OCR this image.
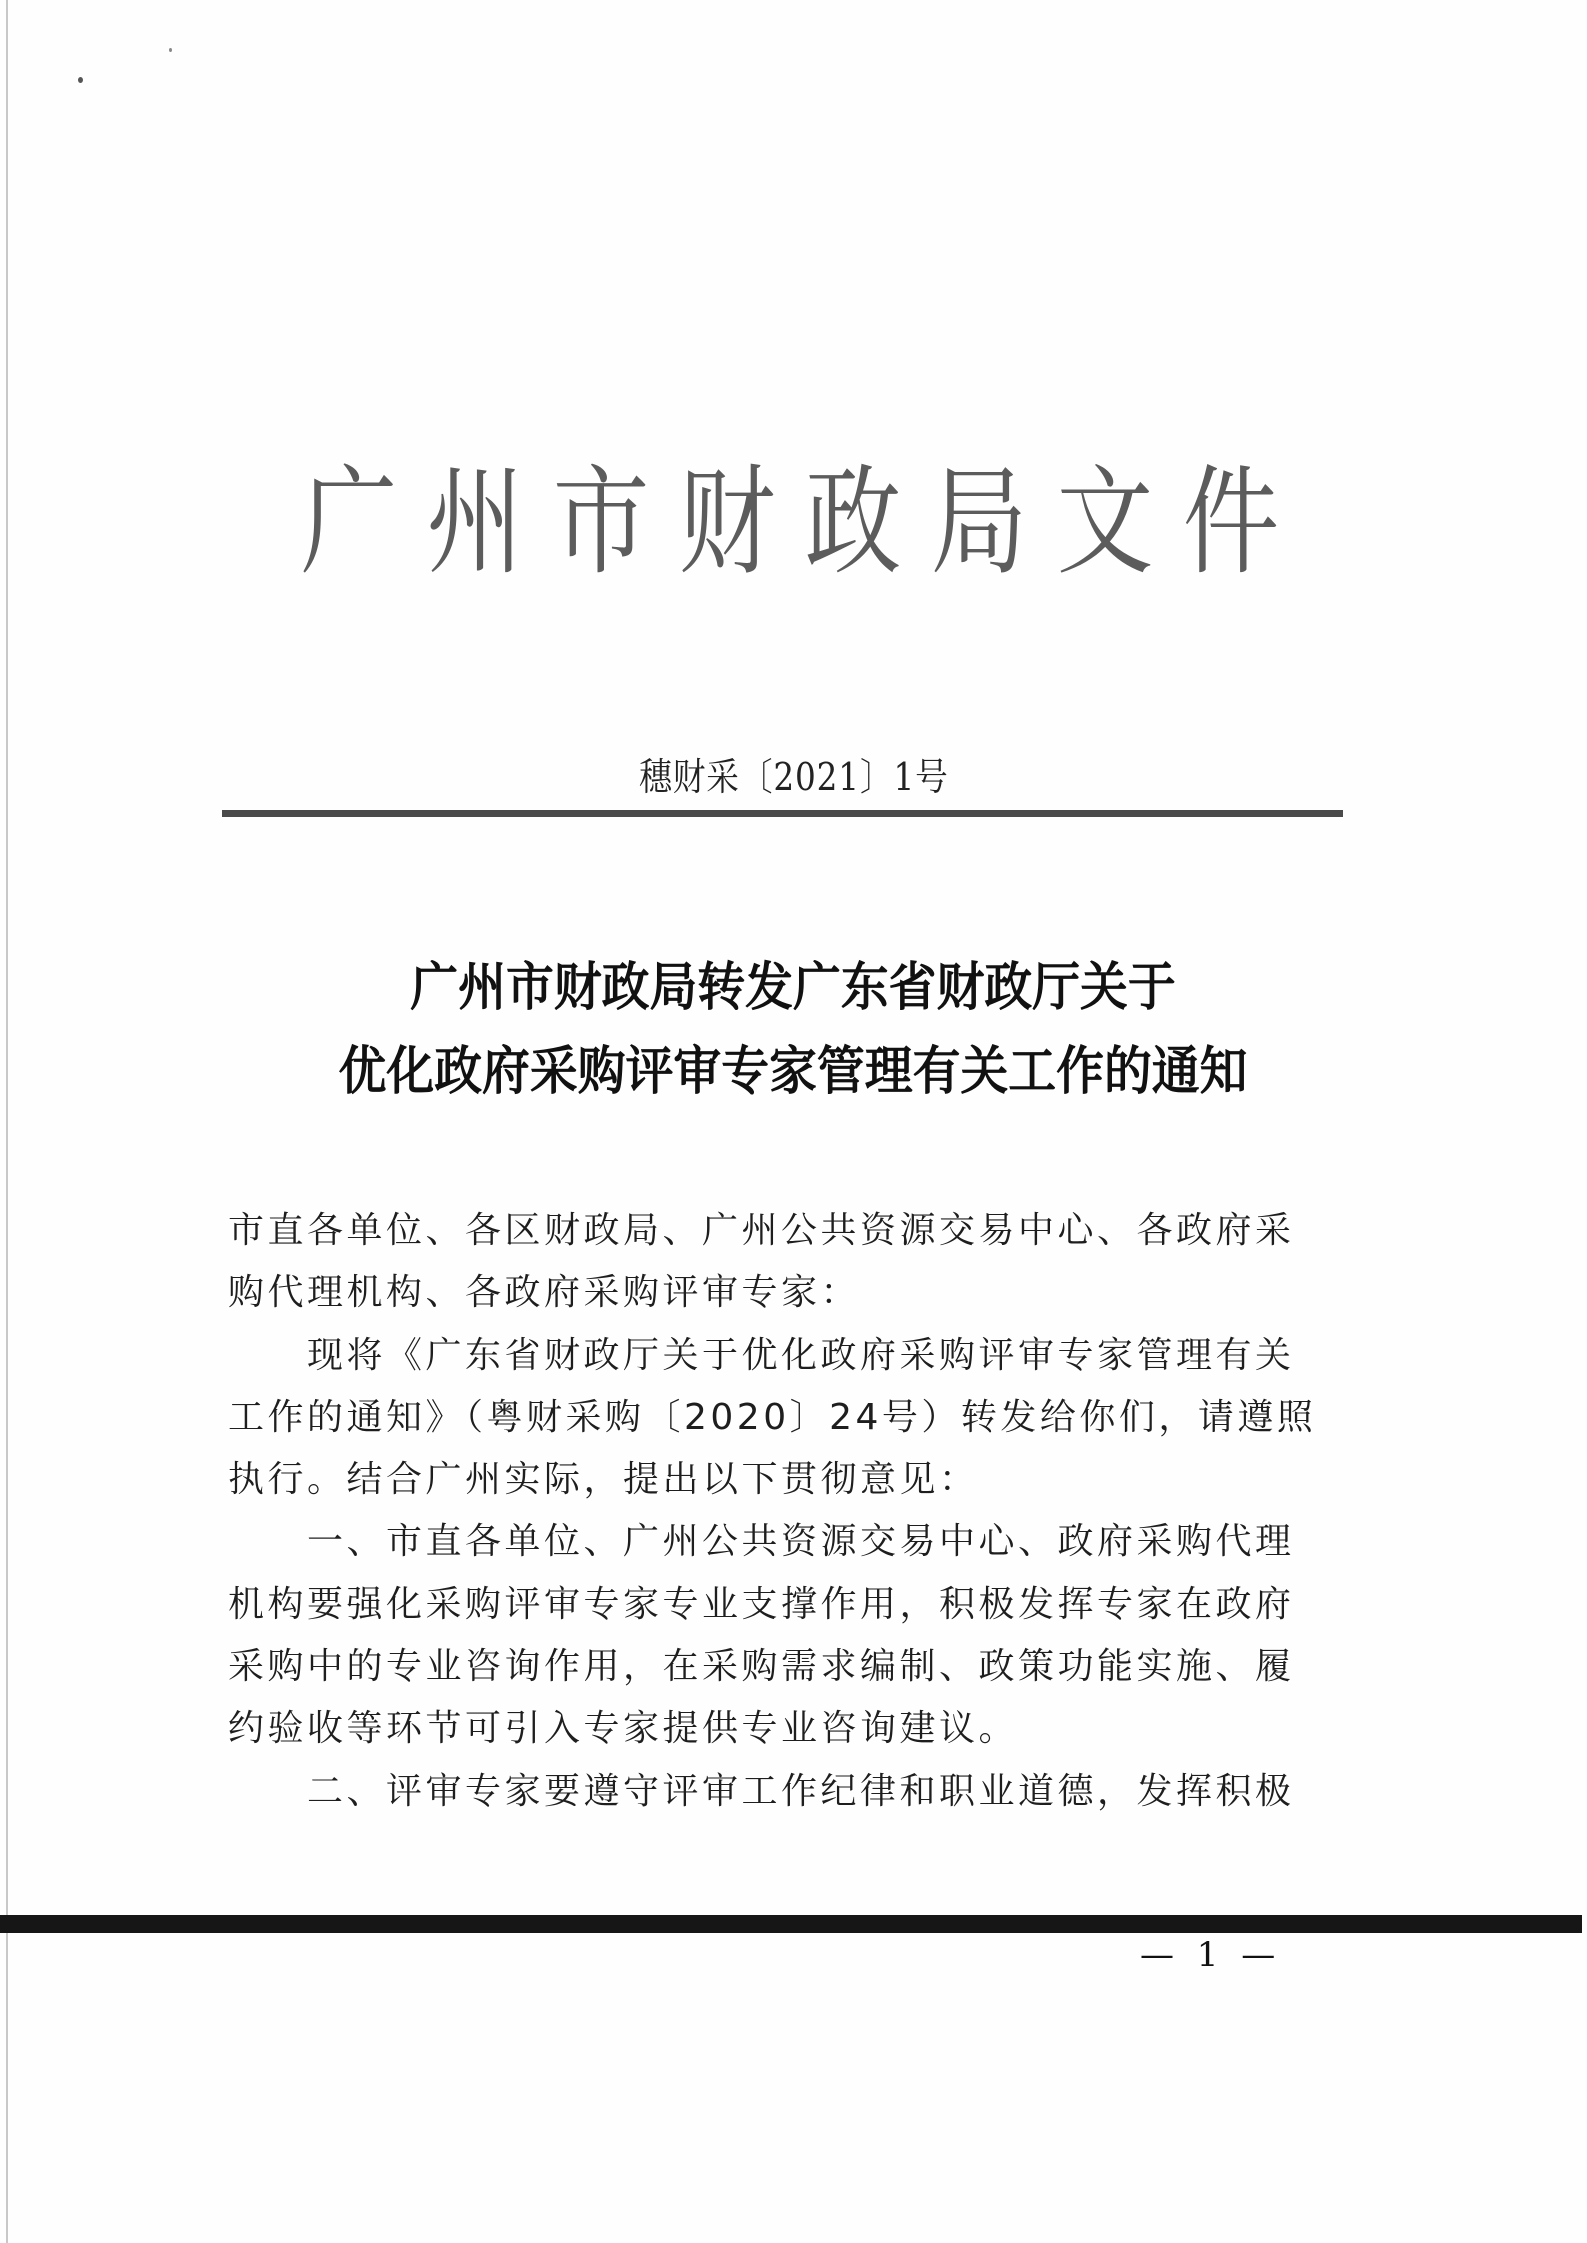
广 州 市 财 政 局 文 件
穗财采〔2021〕1号
广州市财政局转发广东省财政厅关于
优化政府采购评审专家管理有关工作的通知
市直各单位、各区财政局、广州公共资源交易中心、各政府采
购代理机构、各政府采购评审专家：
现将《广东省财政厅关于优化政府采购评审专家管理有关
工作的通知》（粤财采购〔2020〕24号）转发给你们，请遵照
执行。结合广州实际，提出以下贯彻意见：
一、市直各单位、广州公共资源交易中心、政府采购代理
机构要强化采购评审专家专业支撑作用，积极发挥专家在政府
采购中的专业咨询作用，在采购需求编制、政策功能实施、履
约验收等环节可引入专家提供专业咨询建议。
二、评审专家要遵守评审工作纪律和职业道德，发挥积极
— 1 —
